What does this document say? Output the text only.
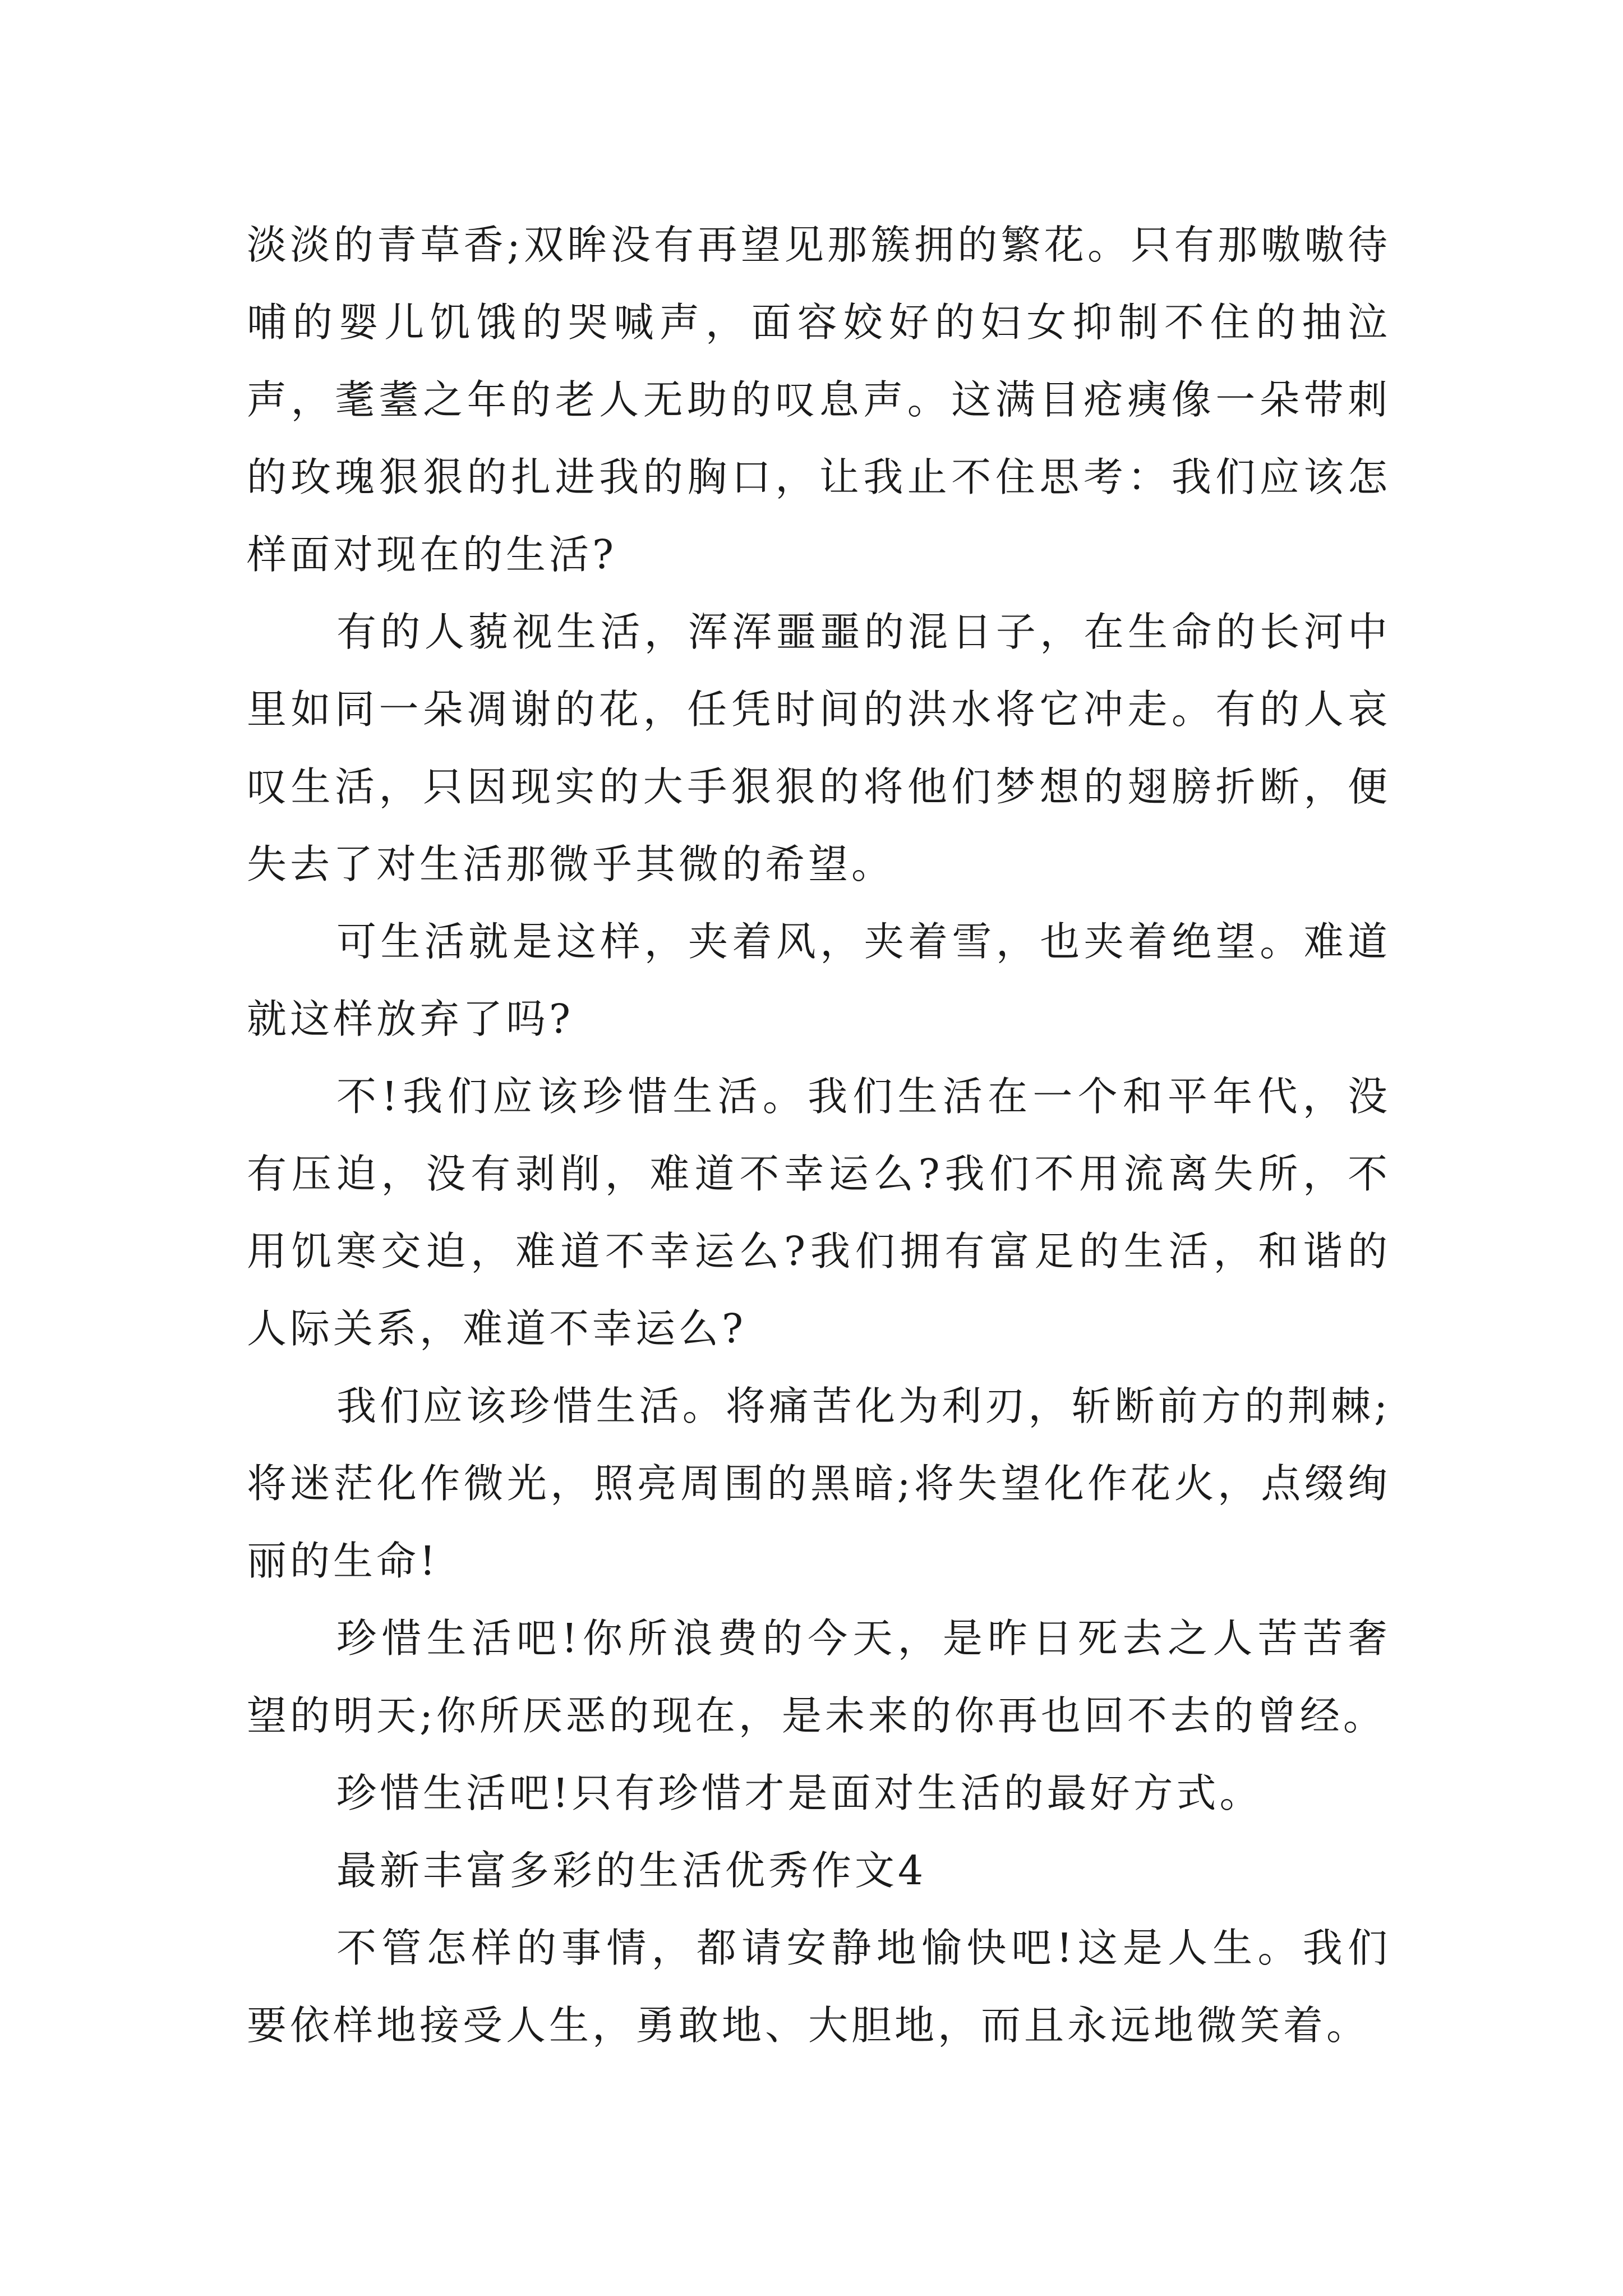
淡淡的青草香;双眸没有再望见那簇拥的繁花。只有那嗷嗷待哺的婴儿饥饿的哭喊声，面容姣好的妇女抑制不住的抽泣声，耄耋之年的老人无助的叹息声。这满目疮痍像一朵带刺的玫瑰狠狠的扎进我的胸口，让我止不住思考：我们应该怎样面对现在的生活?

有的人藐视生活，浑浑噩噩的混日子，在生命的长河中里如同一朵凋谢的花，任凭时间的洪水将它冲走。有的人哀叹生活，只因现实的大手狠狠的将他们梦想的翅膀折断，便失去了对生活那微乎其微的希望。

可生活就是这样，夹着风，夹着雪，也夹着绝望。难道就这样放弃了吗?

不!我们应该珍惜生活。我们生活在一个和平年代，没有压迫，没有剥削，难道不幸运么?我们不用流离失所，不用饥寒交迫，难道不幸运么?我们拥有富足的生活，和谐的人际关系，难道不幸运么?

我们应该珍惜生活。将痛苦化为利刃，斩断前方的荆棘;将迷茫化作微光，照亮周围的黑暗;将失望化作花火，点缀绚丽的生命!

珍惜生活吧!你所浪费的今天，是昨日死去之人苦苦奢望的明天;你所厌恶的现在，是未来的你再也回不去的曾经。

珍惜生活吧!只有珍惜才是面对生活的最好方式。

最新丰富多彩的生活优秀作文4

不管怎样的事情，都请安静地愉快吧!这是人生。我们要依样地接受人生，勇敢地、大胆地，而且永远地微笑着。
